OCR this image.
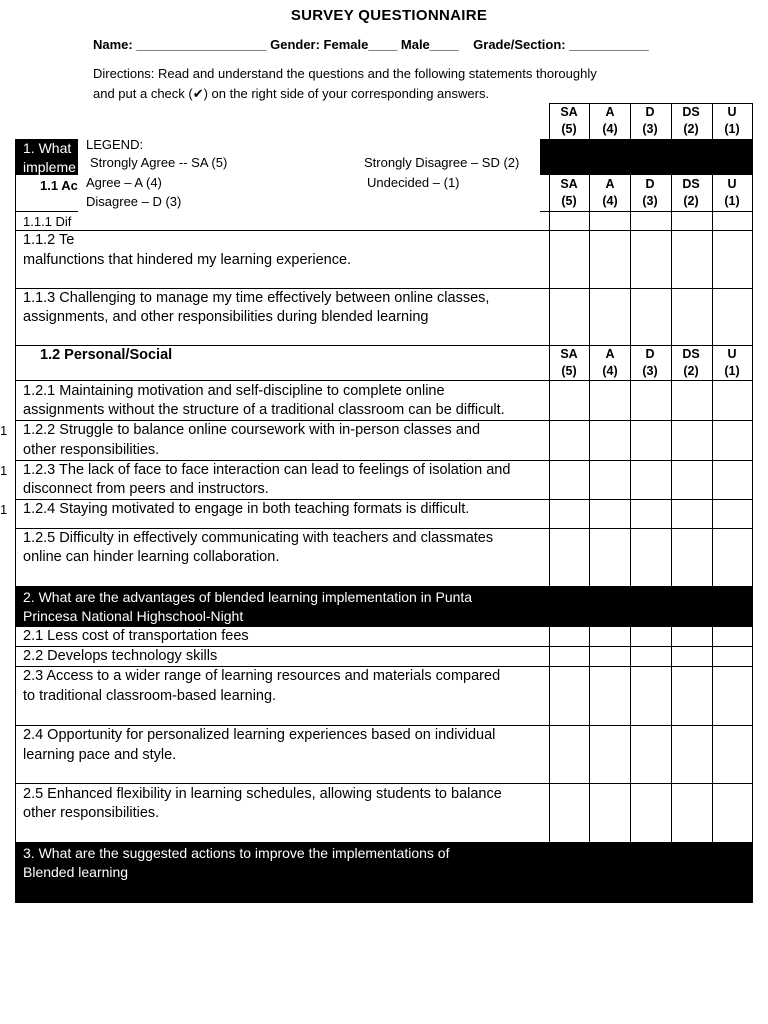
SURVEY QUESTIONNAIRE
Name: __________________ Gender: Female____ Male____    Grade/Section: ___________
Directions: Read and understand the questions and the following statements thoroughly
and put a check (✔) on the right side of your corresponding answers.
SA
(5)
A
(4)
D
(3)
DS
(2)
U
(1)
SA
(5)
A
(4)
D
(3)
DS
(2)
U
(1)
SA
(5)
A
(4)
D
(3)
DS
(2)
U
(1)
LEGEND:
Strongly Agree -- SA (5)
Agree – A (4)
Disagree – D (3)
Strongly Disagree – SD (2)
Undecided – (1)
1. What
impleme
1.1 Ac
1.1.1 Dif
1.1.2 Te
malfunctions that hindered my learning experience.
1.1.3 Challenging to manage my time effectively between online classes,
assignments, and other responsibilities during blended learning
1.2 Personal/Social
1.2.1 Maintaining motivation and self-discipline to complete online
assignments without the structure of a traditional classroom can be difficult.
1.2.2 Struggle to balance online coursework with in-person classes and
other responsibilities.
1.2.3 The lack of face to face interaction can lead to feelings of isolation and
disconnect from peers and instructors.
1.2.4 Staying motivated to engage in both teaching formats is difficult.
1.2.5 Difficulty in effectively communicating with teachers and classmates
online can hinder learning collaboration.
1
1
1
2. What are the advantages of blended learning implementation in Punta
Princesa National Highschool-Night
2.1 Less cost of transportation fees
2.2 Develops technology skills
2.3 Access to a wider range of learning resources and materials compared
to traditional classroom-based learning.
2.4 Opportunity for personalized learning experiences based on individual
learning pace and style.
2.5 Enhanced flexibility in learning schedules, allowing students to balance
other responsibilities.
3. What are the suggested actions to improve the implementations of
Blended learning
